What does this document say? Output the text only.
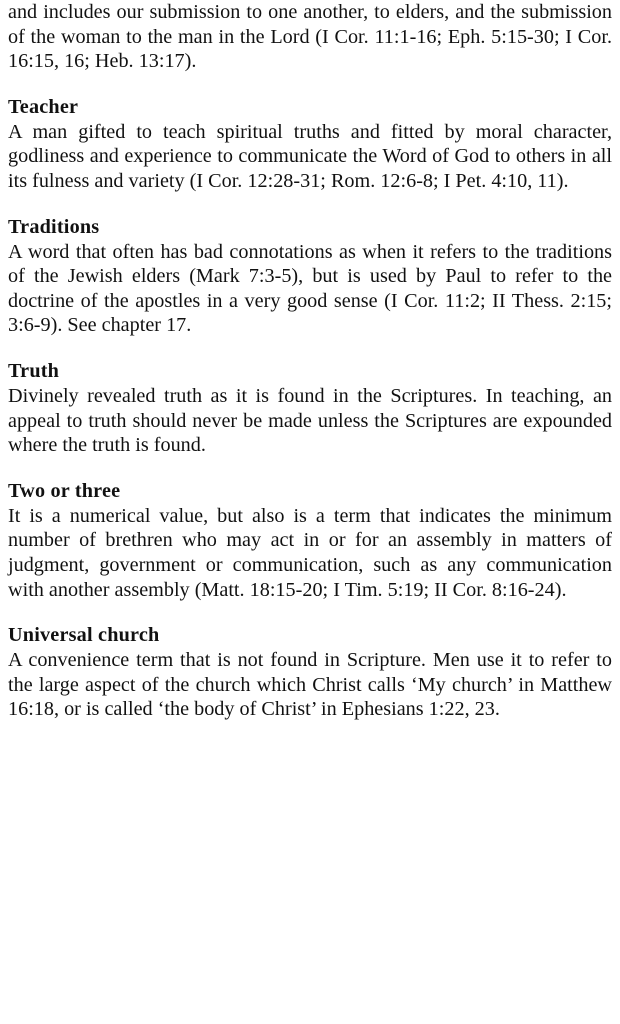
and includes our submission to one another, to elders, and the submission of the woman to the man in the Lord (I Cor. 11:1-16; Eph. 5:15-30; I Cor. 16:15, 16; Heb. 13:17).

Teacher

A man gifted to teach spiritual truths and fitted by moral character, godliness and experience to communicate the Word of God to others in all its fulness and variety (I Cor. 12:28-31; Rom. 12:6-8; I Pet. 4:10, 11).

Traditions

A word that often has bad connotations as when it refers to the traditions of the Jewish elders (Mark 7:3-5), but is used by Paul to refer to the doctrine of the apostles in a very good sense (I Cor. 11:2; II Thess. 2:15; 3:6-9). See chapter 17.

Truth

Divinely revealed truth as it is found in the Scriptures. In teaching, an appeal to truth should never be made unless the Scriptures are expounded where the truth is found.

Two or three

It is a numerical value, but also is a term that indicates the minimum number of brethren who may act in or for an assembly in matters of judgment, government or communication, such as any communication with another assembly (Matt. 18:15-20; I Tim. 5:19; II Cor. 8:16-24).

Universal church

A convenience term that is not found in Scripture. Men use it to refer to the large aspect of the church which Christ calls ‘My church’ in Matthew 16:18, or is called ‘the body of Christ’ in Ephesians 1:22, 23.
